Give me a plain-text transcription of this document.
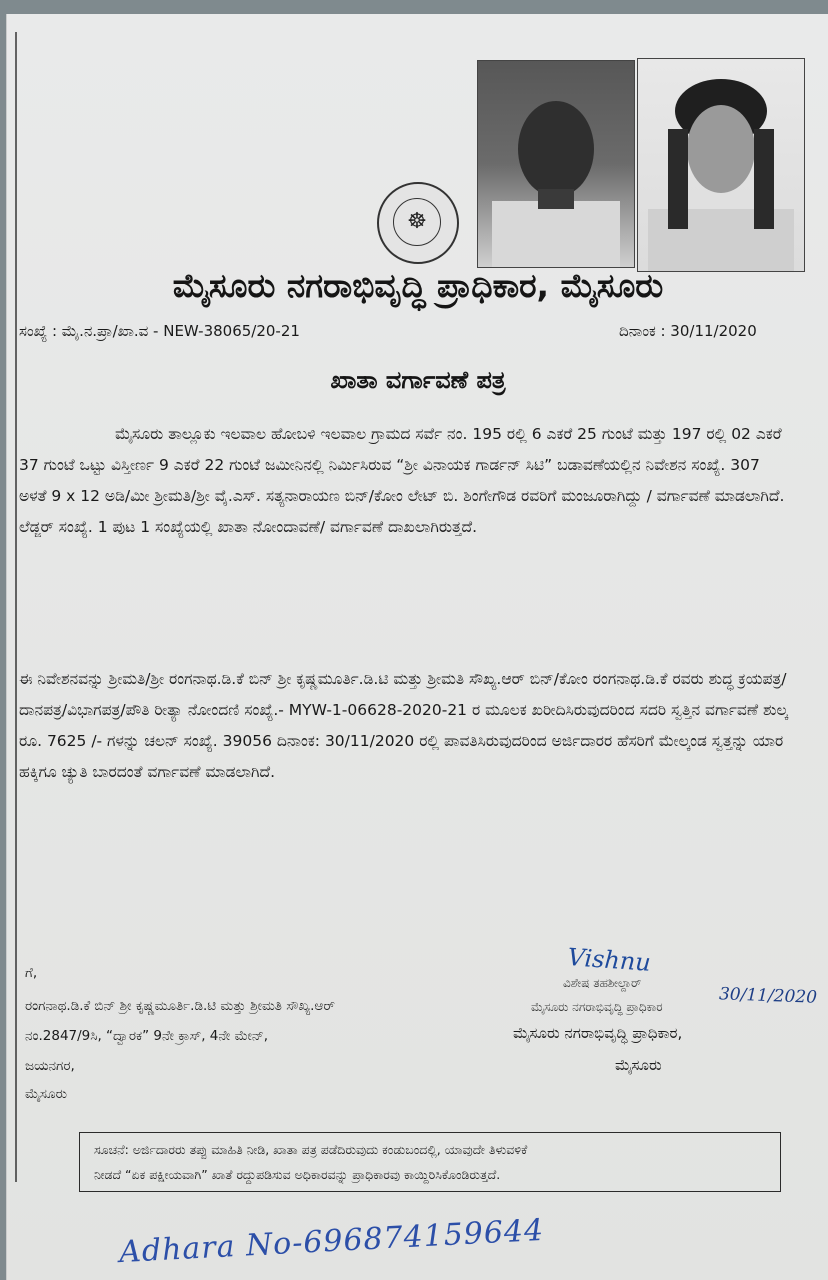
☸
ಮೈಸೂರು ನಗರಾಭಿವೃದ್ಧಿ ಪ್ರಾಧಿಕಾರ, ಮೈಸೂರು
ಸಂಖ್ಯೆ : ಮೈ.ನ.ಪ್ರಾ/ಖಾ.ವ - NEW-38065/20-21	ದಿನಾಂಕ : 30/11/2020
ಖಾತಾ ವರ್ಗಾವಣೆ ಪತ್ರ
ಮೈಸೂರು ತಾಲ್ಲೂಕು ಇಲವಾಲ ಹೋಬಳಿ ಇಲವಾಲ ಗ್ರಾಮದ ಸರ್ವೆ ನಂ. 195 ರಲ್ಲಿ 6 ಎಕರೆ 25 ಗುಂಟೆ ಮತ್ತು 197 ರಲ್ಲಿ 02 ಎಕರೆ 37 ಗುಂಟೆ ಒಟ್ಟು ವಿಸ್ತೀರ್ಣ 9 ಎಕರೆ 22 ಗುಂಟೆ ಜಮೀನಿನಲ್ಲಿ ನಿರ್ಮಿಸಿರುವ “ಶ್ರೀ ವಿನಾಯಕ ಗಾರ್ಡನ್ ಸಿಟಿ” ಬಡಾವಣೆಯಲ್ಲಿನ ನಿವೇಶನ ಸಂಖ್ಯೆ. 307 ಅಳತೆ 9 x 12 ಅಡಿ/ಮೀ ಶ್ರೀಮತಿ/ಶ್ರೀ ವೈ.ಎಸ್. ಸತ್ಯನಾರಾಯಣ ಬಿನ್/ಕೋಂ ಲೇಟ್ ಬಿ. ಶಿಂಗೇಗೌಡ ರವರಿಗೆ ಮಂಜೂರಾಗಿದ್ದು / ವರ್ಗಾವಣೆ ಮಾಡಲಾಗಿದೆ. ಲೆಡ್ಜರ್ ಸಂಖ್ಯೆ. 1 ಪುಟ 1 ಸಂಖ್ಯೆಯಲ್ಲಿ ಖಾತಾ ನೋಂದಾವಣೆ/ ವರ್ಗಾವಣೆ ದಾಖಲಾಗಿರುತ್ತದೆ.
ಈ ನಿವೇಶನವನ್ನು ಶ್ರೀಮತಿ/ಶ್ರೀ ರಂಗನಾಥ.ಡಿ.ಕೆ ಬಿನ್ ಶ್ರೀ ಕೃಷ್ಣಮೂರ್ತಿ.ಡಿ.ಟಿ ಮತ್ತು ಶ್ರೀಮತಿ ಸೌಖ್ಯ.ಆರ್ ಬಿನ್/ಕೋಂ ರಂಗನಾಥ.ಡಿ.ಕೆ ರವರು ಶುದ್ಧ ಕ್ರಯಪತ್ರ/ ದಾನಪತ್ರ/ವಿಭಾಗಪತ್ರ/ಪೌತಿ ರೀತ್ಯಾ ನೋಂದಣಿ ಸಂಖ್ಯೆ.- MYW-1-06628-2020-21 ರ ಮೂಲಕ ಖರೀದಿಸಿರುವುದರಿಂದ ಸದರಿ ಸ್ವತ್ತಿನ ವರ್ಗಾವಣೆ ಶುಲ್ಕ ರೂ. 7625 /- ಗಳನ್ನು ಚಲನ್ ಸಂಖ್ಯೆ. 39056 ದಿನಾಂಕ: 30/11/2020 ರಲ್ಲಿ ಪಾವತಿಸಿರುವುದರಿಂದ ಅರ್ಜಿದಾರರ ಹೆಸರಿಗೆ ಮೇಲ್ಕಂಡ ಸ್ವತ್ತನ್ನು ಯಾರ ಹಕ್ಕಿಗೂ ಚ್ಯುತಿ ಬಾರದಂತೆ ವರ್ಗಾವಣೆ ಮಾಡಲಾಗಿದೆ.
ಗೆ,
ರಂಗನಾಥ.ಡಿ.ಕೆ ಬಿನ್ ಶ್ರೀ ಕೃಷ್ಣಮೂರ್ತಿ.ಡಿ.ಟಿ ಮತ್ತು ಶ್ರೀಮತಿ ಸೌಖ್ಯ.ಆರ್
ನಂ.2847/9ಸಿ, “ದ್ವಾರಕ” 9ನೇ ಕ್ರಾಸ್, 4ನೇ ಮೇನ್,
ಜಯನಗರ,
ಮೈಸೂರು
Vishnu
30/11/2020
ವಿಶೇಷ ತಹಶೀಲ್ದಾರ್
ಮೈಸೂರು ನಗರಾಭಿವೃದ್ಧಿ ಪ್ರಾಧಿಕಾರ
ಮೈಸೂರು ನಗರಾಭಿವೃದ್ಧಿ ಪ್ರಾಧಿಕಾರ,
ಮೈಸೂರು
ಸೂಚನೆ: ಅರ್ಜಿದಾರರು ತಪ್ಪು ಮಾಹಿತಿ ನೀಡಿ, ಖಾತಾ ಪತ್ರ ಪಡೆದಿರುವುದು ಕಂಡುಬಂದಲ್ಲಿ, ಯಾವುದೇ ತಿಳುವಳಿಕೆ
ನೀಡದೆ “ಏಕ ಪಕ್ಷೀಯವಾಗಿ” ಖಾತೆ ರದ್ದುಪಡಿಸುವ ಅಧಿಕಾರವನ್ನು ಪ್ರಾಧಿಕಾರವು ಕಾಯ್ದಿರಿಸಿಕೊಂಡಿರುತ್ತದೆ.
Adhara No-696874159644
